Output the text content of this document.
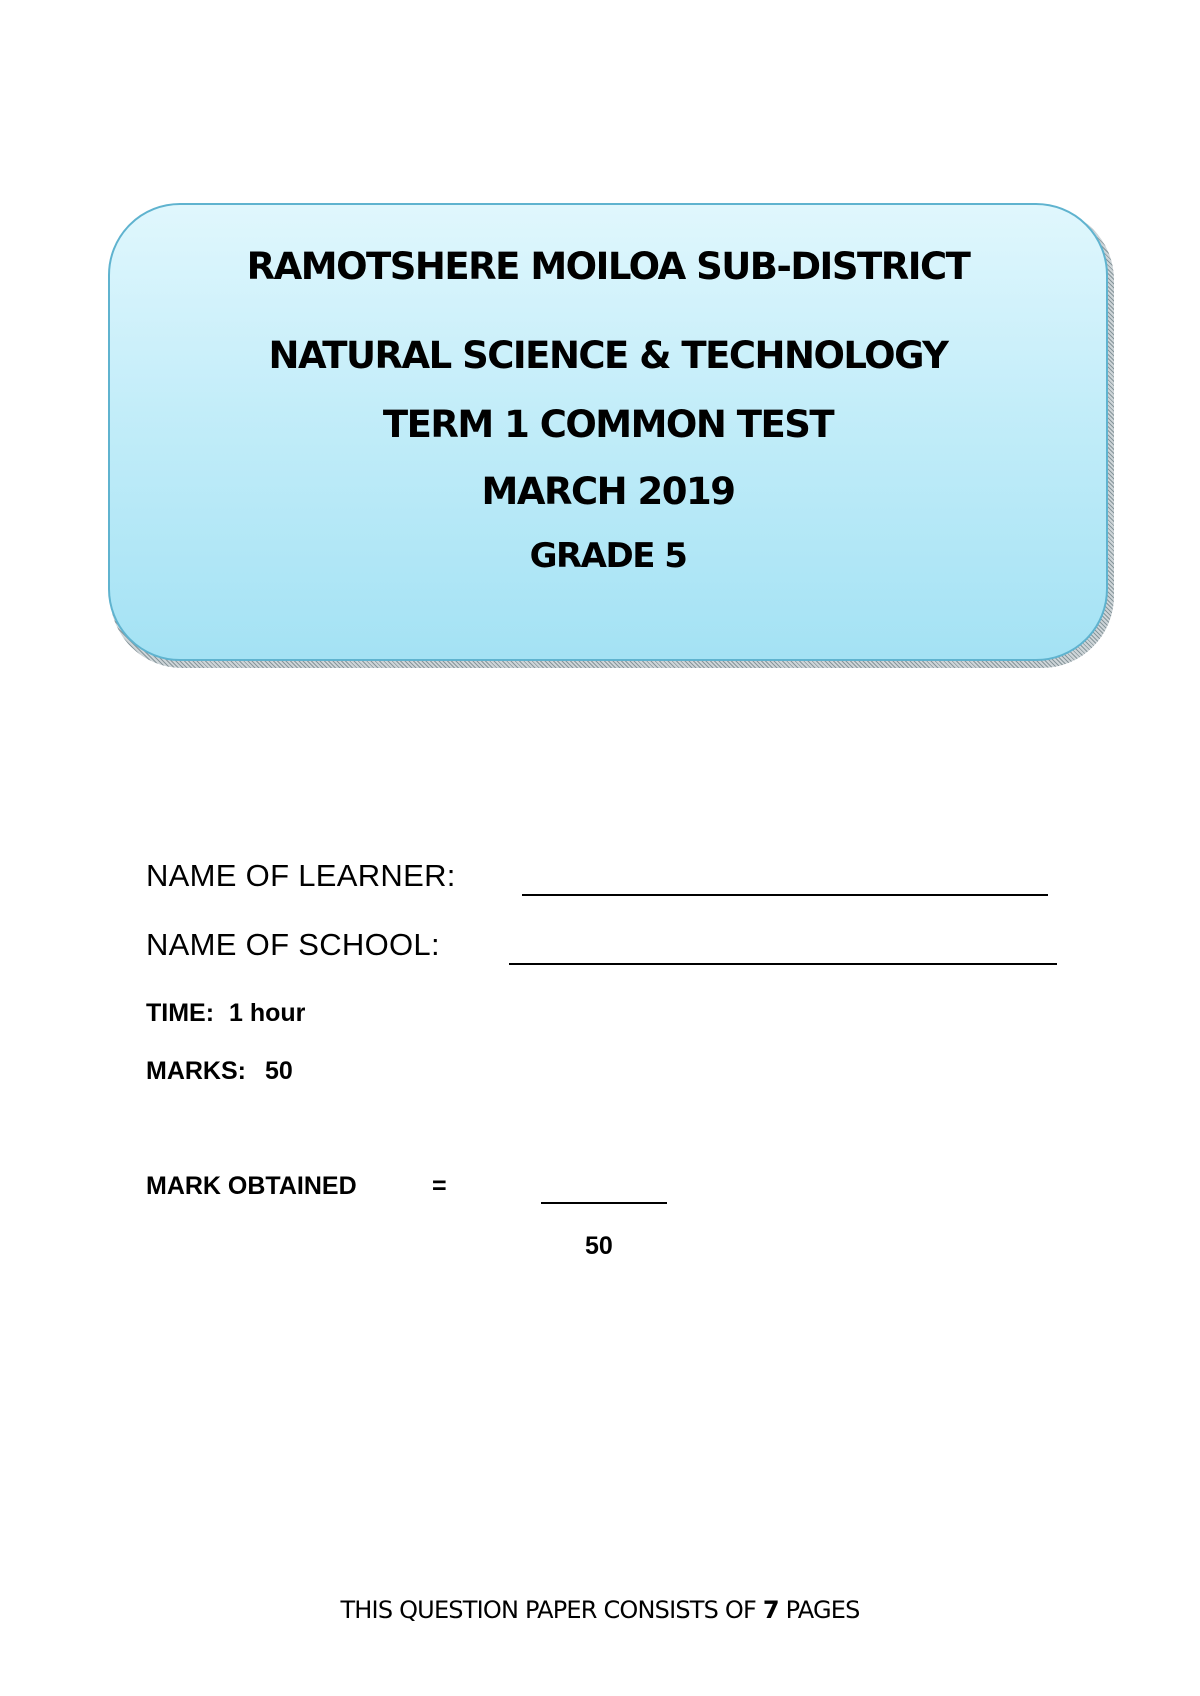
RAMOTSHERE MOILOA SUB-DISTRICT
NATURAL SCIENCE & TECHNOLOGY
TERM 1 COMMON TEST
MARCH 2019
GRADE 5
NAME OF LEARNER:
NAME OF SCHOOL:
TIME: 1 hour
MARKS: 50
MARK OBTAINED	=
50
THIS QUESTION PAPER CONSISTS OF 7 PAGES
